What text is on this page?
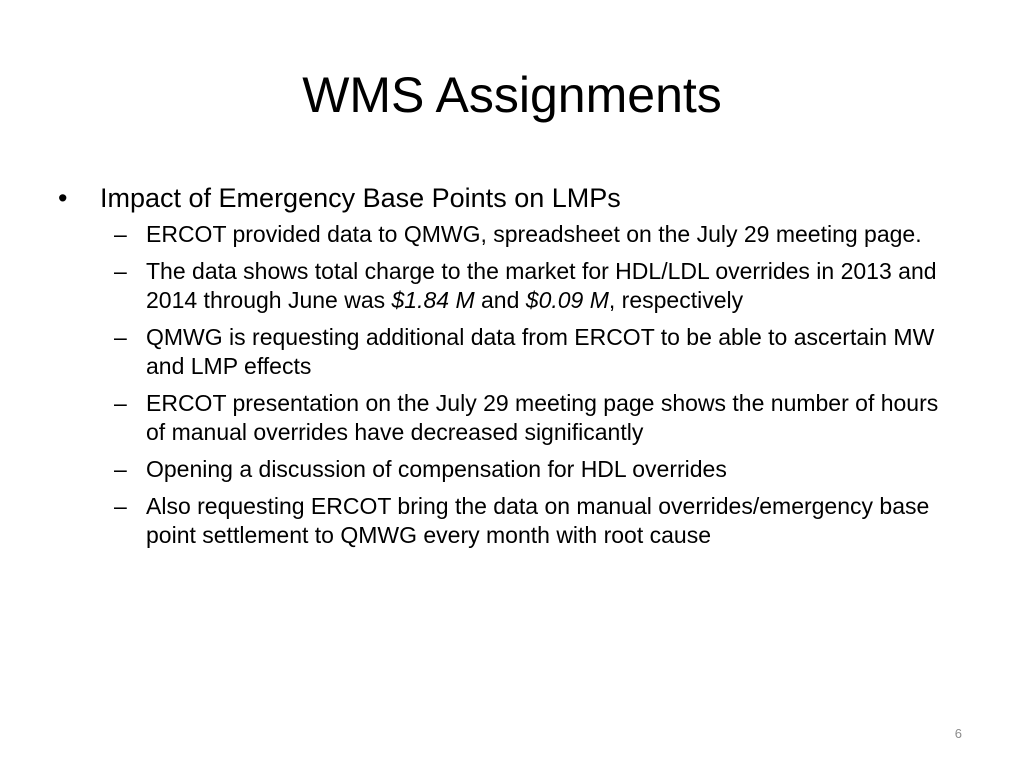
WMS Assignments
•	Impact of Emergency Base Points on LMPs
– ERCOT provided data to QMWG, spreadsheet on the July 29 meeting page.
– The data shows total charge to the market for HDL/LDL overrides in 2013 and 2014 through June was $1.84 M and $0.09 M, respectively
– QMWG is requesting additional data from ERCOT to be able to ascertain MW and LMP effects
– ERCOT presentation on the July 29 meeting page shows the number of hours of manual overrides have decreased significantly
– Opening a discussion of compensation for HDL overrides
– Also requesting ERCOT bring the data on manual overrides/emergency base point settlement to QMWG every month with root cause
6
